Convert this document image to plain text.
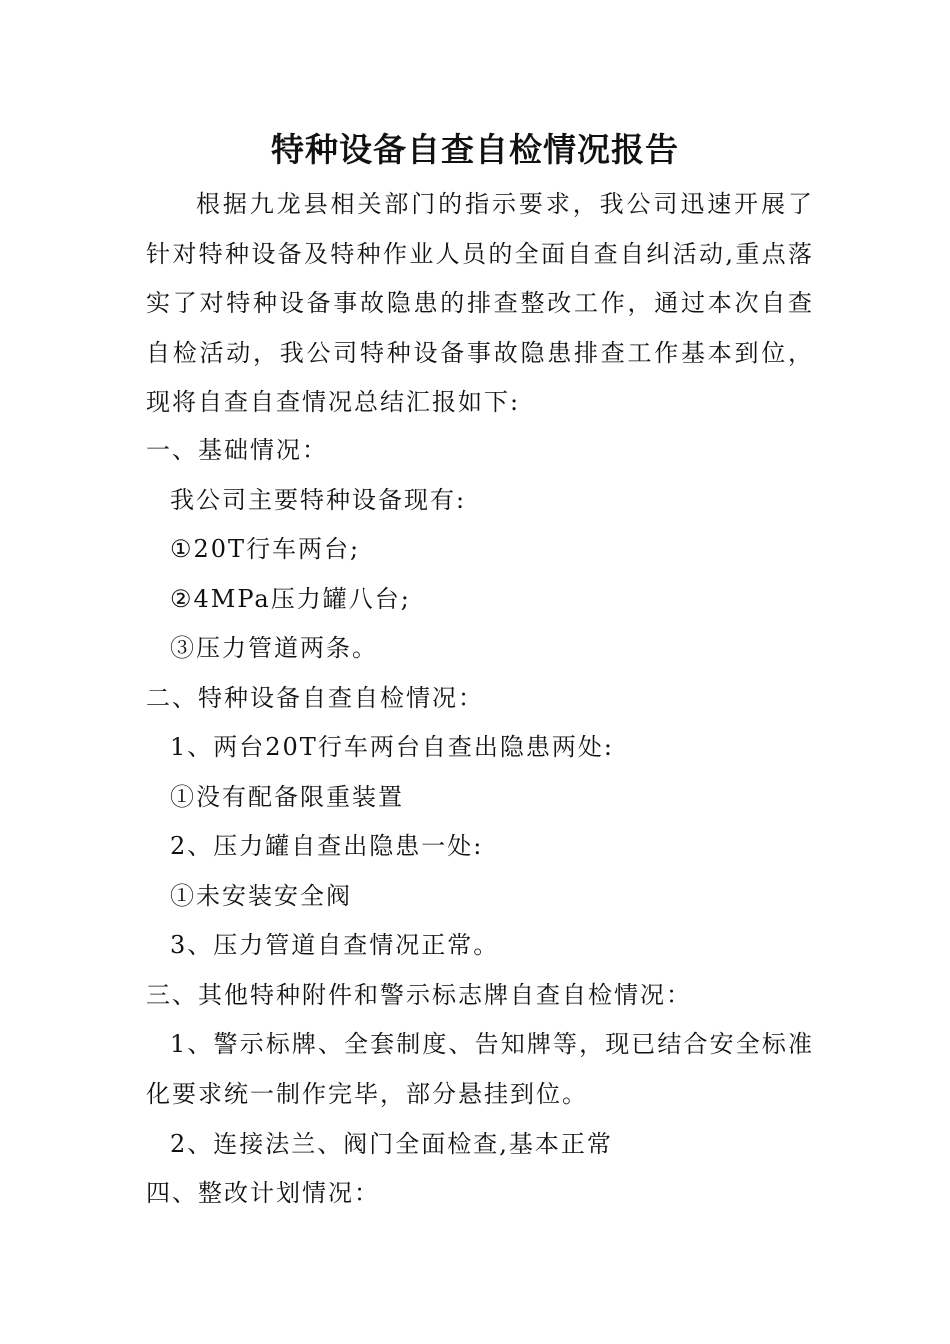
特种设备自查自检情况报告
根据九龙县相关部门的指示要求，我公司迅速开展了针对特种设备及特种作业人员的全面自查自纠活动,重点落实了对特种设备事故隐患的排查整改工作，通过本次自查自检活动，我公司特种设备事故隐患排查工作基本到位，现将自查自查情况总结汇报如下:
一、基础情况：
我公司主要特种设备现有:
①20T行车两台;
②4MPa压力罐八台;
③压力管道两条。
二、特种设备自查自检情况：
1、两台20T行车两台自查出隐患两处:
①没有配备限重装置
2、压力罐自查出隐患一处:
①未安装安全阀
3、压力管道自查情况正常。
三、其他特种附件和警示标志牌自查自检情况：
1、警示标牌、全套制度、告知牌等，现已结合安全标准化要求统一制作完毕，部分悬挂到位。
2、连接法兰、阀门全面检查,基本正常
四、整改计划情况：
